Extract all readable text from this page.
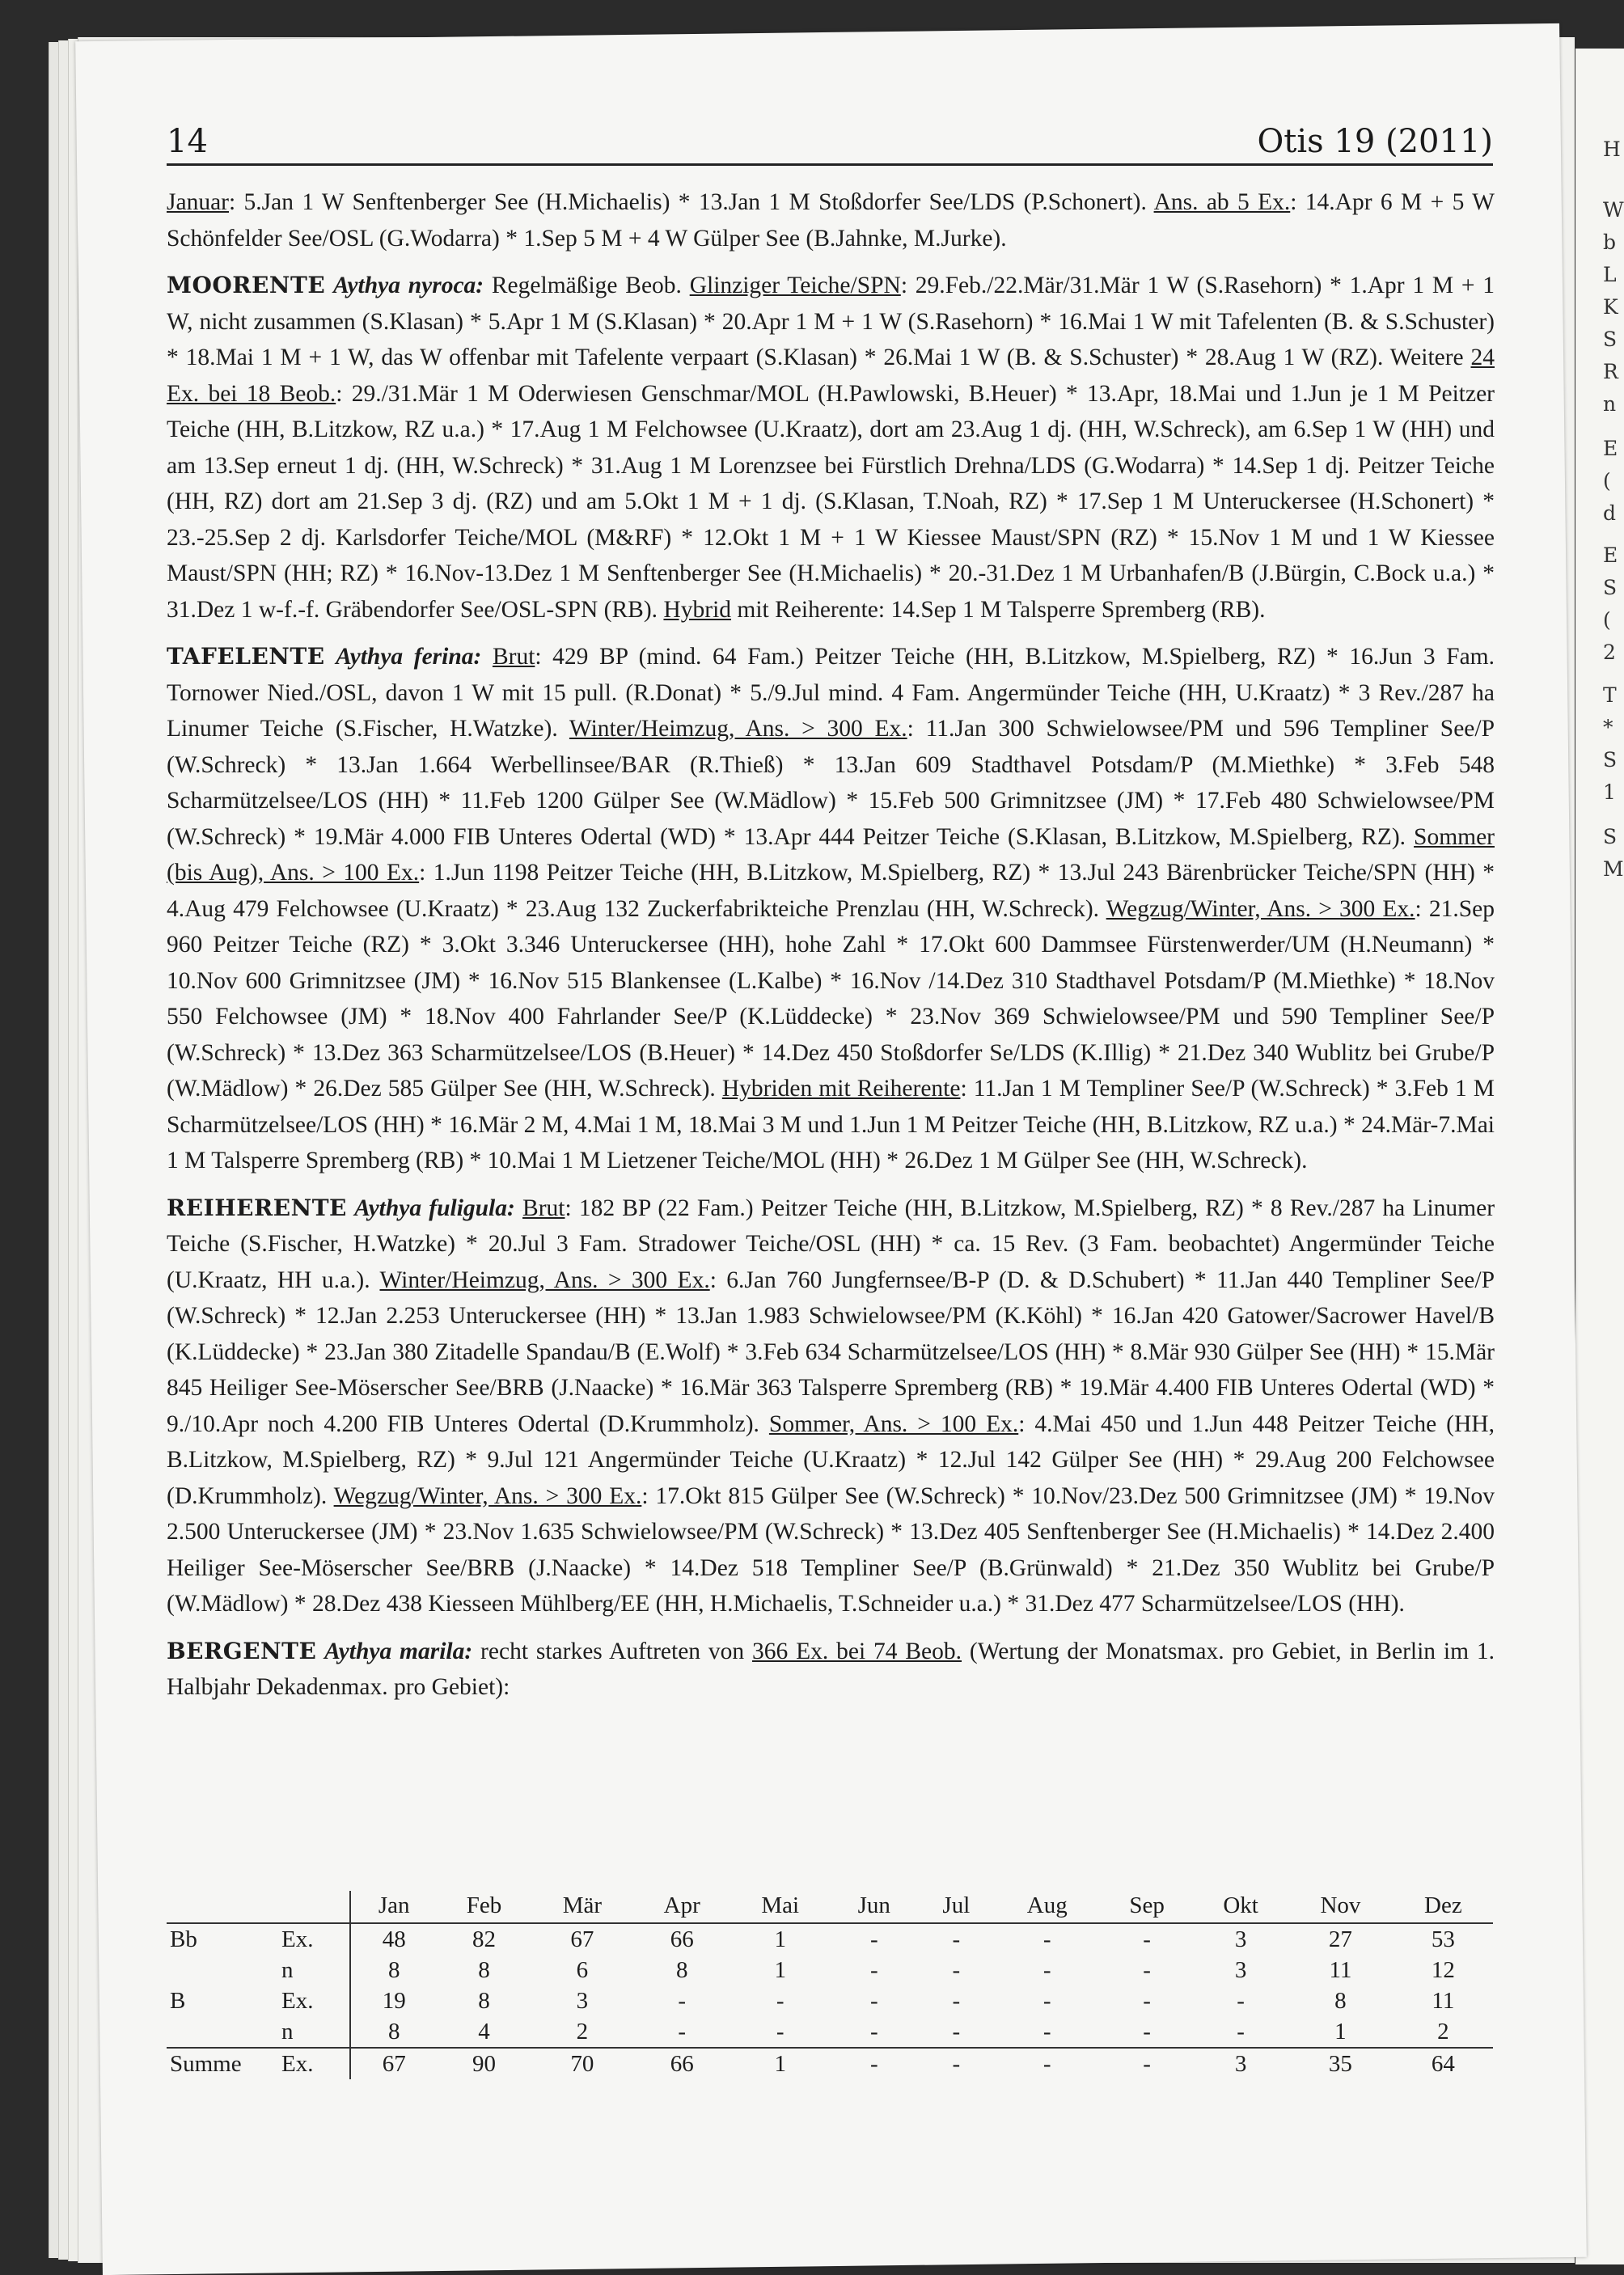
H
W
b
L
K
S
R
n
E
(
d
E
S
(
2
T
*
S
1
S
M
14	Otis 19 (2011)

Januar: 5.Jan 1 W Senftenberger See (H.Michaelis) * 13.Jan 1 M Stoßdorfer See/LDS (P.Schonert). Ans. ab 5 Ex.: 14.Apr 6 M + 5 W Schönfelder See/OSL (G.Wodarra) * 1.Sep 5 M + 4 W Gülper See (B.Jahnke, M.Jurke).

MOORENTE Aythya nyroca: Regelmäßige Beob. Glinziger Teiche/SPN: 29.Feb./22.Mär/31.Mär 1 W (S.Rasehorn) * 1.Apr 1 M + 1 W, nicht zusammen (S.Klasan) * 5.Apr 1 M (S.Klasan) * 20.Apr 1 M + 1 W (S.Rasehorn) * 16.Mai 1 W mit Tafelenten (B. & S.Schuster) * 18.Mai 1 M + 1 W, das W offenbar mit Tafelente verpaart (S.Klasan) * 26.Mai 1 W (B. & S.Schuster) * 28.Aug 1 W (RZ). Weitere 24 Ex. bei 18 Beob.: 29./31.Mär 1 M Oderwiesen Genschmar/MOL (H.Pawlowski, B.Heuer) * 13.Apr, 18.Mai und 1.Jun je 1 M Peitzer Teiche (HH, B.Litzkow, RZ u.a.) * 17.Aug 1 M Felchowsee (U.Kraatz), dort am 23.Aug 1 dj. (HH, W.Schreck), am 6.Sep 1 W (HH) und am 13.Sep erneut 1 dj. (HH, W.Schreck) * 31.Aug 1 M Lorenzsee bei Fürstlich Drehna/LDS (G.Wodarra) * 14.Sep 1 dj. Peitzer Teiche (HH, RZ) dort am 21.Sep 3 dj. (RZ) und am 5.Okt 1 M + 1 dj. (S.Klasan, T.Noah, RZ) * 17.Sep 1 M Unteruckersee (H.Schonert) * 23.-25.Sep 2 dj. Karlsdorfer Teiche/MOL (M&RF) * 12.Okt 1 M + 1 W Kiessee Maust/SPN (RZ) * 15.Nov 1 M und 1 W Kiessee Maust/SPN (HH; RZ) * 16.Nov-13.Dez 1 M Senftenberger See (H.Michaelis) * 20.-31.Dez 1 M Urbanhafen/B (J.Bürgin, C.Bock u.a.) * 31.Dez 1 w-f.-f. Gräbendorfer See/OSL-SPN (RB). Hybrid mit Reiherente: 14.Sep 1 M Talsperre Spremberg (RB).

TAFELENTE Aythya ferina: Brut: 429 BP (mind. 64 Fam.) Peitzer Teiche (HH, B.Litzkow, M.Spielberg, RZ) * 16.Jun 3 Fam. Tornower Nied./OSL, davon 1 W mit 15 pull. (R.Donat) * 5./9.Jul mind. 4 Fam. Angermünder Teiche (HH, U.Kraatz) * 3 Rev./287 ha Linumer Teiche (S.Fischer, H.Watzke). Winter/Heimzug, Ans. > 300 Ex.: 11.Jan 300 Schwielowsee/PM und 596 Templiner See/P (W.Schreck) * 13.Jan 1.664 Werbellinsee/BAR (R.Thieß) * 13.Jan 609 Stadthavel Potsdam/P (M.Miethke) * 3.Feb 548 Scharmützelsee/LOS (HH) * 11.Feb 1200 Gülper See (W.Mädlow) * 15.Feb 500 Grimnitzsee (JM) * 17.Feb 480 Schwielowsee/PM (W.Schreck) * 19.Mär 4.000 FIB Unteres Odertal (WD) * 13.Apr 444 Peitzer Teiche (S.Klasan, B.Litzkow, M.Spielberg, RZ). Sommer (bis Aug), Ans. > 100 Ex.: 1.Jun 1198 Peitzer Teiche (HH, B.Litzkow, M.Spielberg, RZ) * 13.Jul 243 Bärenbrücker Teiche/SPN (HH) * 4.Aug 479 Felchowsee (U.Kraatz) * 23.Aug 132 Zuckerfabrikteiche Prenzlau (HH, W.Schreck). Wegzug/Winter, Ans. > 300 Ex.: 21.Sep 960 Peitzer Teiche (RZ) * 3.Okt 3.346 Unteruckersee (HH), hohe Zahl * 17.Okt 600 Dammsee Fürstenwerder/UM (H.Neumann) * 10.Nov 600 Grimnitzsee (JM) * 16.Nov 515 Blankensee (L.Kalbe) * 16.Nov /14.Dez 310 Stadthavel Potsdam/P (M.Miethke) * 18.Nov 550 Felchowsee (JM) * 18.Nov 400 Fahrlander See/P (K.Lüddecke) * 23.Nov 369 Schwielowsee/PM und 590 Templiner See/P (W.Schreck) * 13.Dez 363 Scharmützelsee/LOS (B.Heuer) * 14.Dez 450 Stoßdorfer Se/LDS (K.Illig) * 21.Dez 340 Wublitz bei Grube/P (W.Mädlow) * 26.Dez 585 Gülper See (HH, W.Schreck). Hybriden mit Reiherente: 11.Jan 1 M Templiner See/P (W.Schreck) * 3.Feb 1 M Scharmützelsee/LOS (HH) * 16.Mär 2 M, 4.Mai 1 M, 18.Mai 3 M und 1.Jun 1 M Peitzer Teiche (HH, B.Litzkow, RZ u.a.) * 24.Mär-7.Mai 1 M Talsperre Spremberg (RB) * 10.Mai 1 M Lietzener Teiche/MOL (HH) * 26.Dez 1 M Gülper See (HH, W.Schreck).

REIHERENTE Aythya fuligula: Brut: 182 BP (22 Fam.) Peitzer Teiche (HH, B.Litzkow, M.Spielberg, RZ) * 8 Rev./287 ha Linumer Teiche (S.Fischer, H.Watzke) * 20.Jul 3 Fam. Stradower Teiche/OSL (HH) * ca. 15 Rev. (3 Fam. beobachtet) Angermünder Teiche (U.Kraatz, HH u.a.). Winter/Heimzug, Ans. > 300 Ex.: 6.Jan 760 Jungfernsee/B-P (D. & D.Schubert) * 11.Jan 440 Templiner See/P (W.Schreck) * 12.Jan 2.253 Unteruckersee (HH) * 13.Jan 1.983 Schwielowsee/PM (K.Köhl) * 16.Jan 420 Gatower/Sacrower Havel/B (K.Lüddecke) * 23.Jan 380 Zitadelle Spandau/B (E.Wolf) * 3.Feb 634 Scharmützelsee/LOS (HH) * 8.Mär 930 Gülper See (HH) * 15.Mär 845 Heiliger See-Möserscher See/BRB (J.Naacke) * 16.Mär 363 Talsperre Spremberg (RB) * 19.Mär 4.400 FIB Unteres Odertal (WD) * 9./10.Apr noch 4.200 FIB Unteres Odertal (D.Krummholz). Sommer, Ans. > 100 Ex.: 4.Mai 450 und 1.Jun 448 Peitzer Teiche (HH, B.Litzkow, M.Spielberg, RZ) * 9.Jul 121 Angermünder Teiche (U.Kraatz) * 12.Jul 142 Gülper See (HH) * 29.Aug 200 Felchowsee (D.Krummholz). Wegzug/Winter, Ans. > 300 Ex.: 17.Okt 815 Gülper See (W.Schreck) * 10.Nov/23.Dez 500 Grimnitzsee (JM) * 19.Nov 2.500 Unteruckersee (JM) * 23.Nov 1.635 Schwielowsee/PM (W.Schreck) * 13.Dez 405 Senftenberger See (H.Michaelis) * 14.Dez 2.400 Heiliger See-Möserscher See/BRB (J.Naacke) * 14.Dez 518 Templiner See/P (B.Grünwald) * 21.Dez 350 Wublitz bei Grube/P (W.Mädlow) * 28.Dez 438 Kiesseen Mühlberg/EE (HH, H.Michaelis, T.Schneider u.a.) * 31.Dez 477 Scharmützelsee/LOS (HH).

BERGENTE Aythya marila: recht starkes Auftreten von 366 Ex. bei 74 Beob. (Wertung der Monatsmax. pro Gebiet, in Berlin im 1. Halbjahr Dekadenmax. pro Gebiet):

		Jan	Feb	Mär	Apr	Mai	Jun	Jul	Aug	Sep	Okt	Nov	Dez
Bb	Ex.	48	82	67	66	1	-	-	-	-	3	27	53
	n	8	8	6	8	1	-	-	-	-	3	11	12
B	Ex.	19	8	3	-	-	-	-	-	-	-	8	11
	n	8	4	2	-	-	-	-	-	-	-	1	2
Summe	Ex.	67	90	70	66	1	-	-	-	-	3	35	64
